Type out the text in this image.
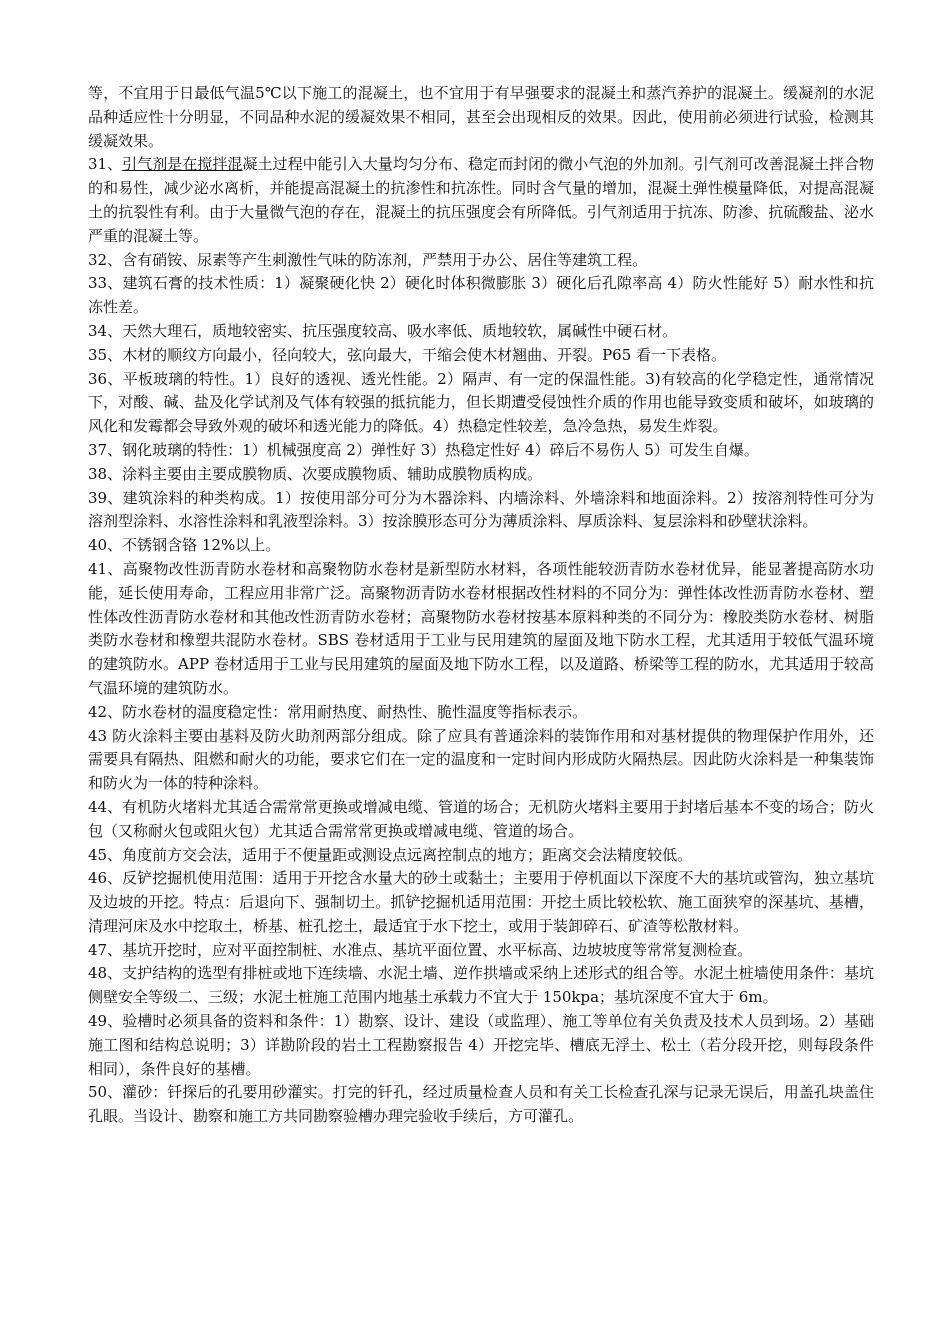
等，不宜用于日最低气温5℃以下施工的混凝土，也不宜用于有早强要求的混凝土和蒸汽养护的混凝土。缓凝剂的水泥品种适应性十分明显，不同品种水泥的缓凝效果不相同，甚至会出现相反的效果。因此，使用前必须进行试验，检测其缓凝效果。

31、引气剂是在搅拌混凝土过程中能引入大量均匀分布、稳定而封闭的微小气泡的外加剂。引气剂可改善混凝土拌合物的和易性，减少泌水离析，并能提高混凝土的抗渗性和抗冻性。同时含气量的增加，混凝土弹性模量降低，对提高混凝土的抗裂性有利。由于大量微气泡的存在，混凝土的抗压强度会有所降低。引气剂适用于抗冻、防渗、抗硫酸盐、泌水严重的混凝土等。

32、含有硝铵、尿素等产生刺激性气味的防冻剂，严禁用于办公、居住等建筑工程。

33、建筑石膏的技术性质：1）凝聚硬化快 2）硬化时体积微膨胀 3）硬化后孔隙率高 4）防火性能好 5）耐水性和抗冻性差。

34、天然大理石，质地较密实、抗压强度较高、吸水率低、质地较软，属碱性中硬石材。

35、木材的顺纹方向最小，径向较大，弦向最大，干缩会使木材翘曲、开裂。P65 看一下表格。

36、平板玻璃的特性。1）良好的透视、透光性能。2）隔声、有一定的保温性能。3)有较高的化学稳定性，通常情况下，对酸、碱、盐及化学试剂及气体有较强的抵抗能力，但长期遭受侵蚀性介质的作用也能导致变质和破坏，如玻璃的风化和发霉都会导致外观的破坏和透光能力的降低。4）热稳定性较差，急冷急热，易发生炸裂。

37、钢化玻璃的特性：1）机械强度高 2）弹性好 3）热稳定性好 4）碎后不易伤人 5）可发生自爆。

38、涂料主要由主要成膜物质、次要成膜物质、辅助成膜物质构成。

39、建筑涂料的种类构成。1）按使用部分可分为木器涂料、内墙涂料、外墙涂料和地面涂料。2）按溶剂特性可分为溶剂型涂料、水溶性涂料和乳液型涂料。3）按涂膜形态可分为薄质涂料、厚质涂料、复层涂料和砂壁状涂料。

40、不锈钢含铬 12%以上。

41、高聚物改性沥青防水卷材和高聚物防水卷材是新型防水材料，各项性能较沥青防水卷材优异，能显著提高防水功能，延长使用寿命，工程应用非常广泛。高聚物沥青防水卷材根据改性材料的不同分为：弹性体改性沥青防水卷材、塑性体改性沥青防水卷材和其他改性沥青防水卷材；高聚物防水卷材按基本原料种类的不同分为：橡胶类防水卷材、树脂类防水卷材和橡塑共混防水卷材。SBS 卷材适用于工业与民用建筑的屋面及地下防水工程，尤其适用于较低气温环境的建筑防水。APP 卷材适用于工业与民用建筑的屋面及地下防水工程，以及道路、桥梁等工程的防水，尤其适用于较高气温环境的建筑防水。

42、防水卷材的温度稳定性：常用耐热度、耐热性、脆性温度等指标表示。

43 防火涂料主要由基料及防火助剂两部分组成。除了应具有普通涂料的装饰作用和对基材提供的物理保护作用外，还需要具有隔热、阻燃和耐火的功能，要求它们在一定的温度和一定时间内形成防火隔热层。因此防火涂料是一种集装饰和防火为一体的特种涂料。

44、有机防火堵料尤其适合需常常更换或增减电缆、管道的场合；无机防火堵料主要用于封堵后基本不变的场合；防火包（又称耐火包或阻火包）尤其适合需常常更换或增减电缆、管道的场合。

45、角度前方交会法，适用于不便量距或测设点远离控制点的地方；距离交会法精度较低。

46、反铲挖掘机使用范围：适用于开挖含水量大的砂土或黏土；主要用于停机面以下深度不大的基坑或管沟，独立基坑及边坡的开挖。特点：后退向下、强制切土。抓铲挖掘机适用范围：开挖土质比较松软、施工面狭窄的深基坑、基槽，清理河床及水中挖取土，桥基、桩孔挖土，最适宜于水下挖土，或用于装卸碎石、矿渣等松散材料。

47、基坑开挖时，应对平面控制桩、水准点、基坑平面位置、水平标高、边坡坡度等常常复测检查。

48、支护结构的选型有排桩或地下连续墙、水泥土墙、逆作拱墙或采纳上述形式的组合等。水泥土桩墙使用条件：基坑侧壁安全等级二、三级；水泥土桩施工范围内地基土承载力不宜大于 150kpa；基坑深度不宜大于 6m。

49、验槽时必须具备的资料和条件：1）勘察、设计、建设（或监理）、施工等单位有关负责及技术人员到场。2）基础施工图和结构总说明；3）详勘阶段的岩土工程勘察报告 4）开挖完毕、槽底无浮土、松土（若分段开挖，则每段条件相同），条件良好的基槽。

50、灌砂：钎探后的孔要用砂灌实。打完的钎孔，经过质量检查人员和有关工长检查孔深与记录无误后，用盖孔块盖住孔眼。当设计、勘察和施工方共同勘察验槽办理完验收手续后，方可灌孔。
